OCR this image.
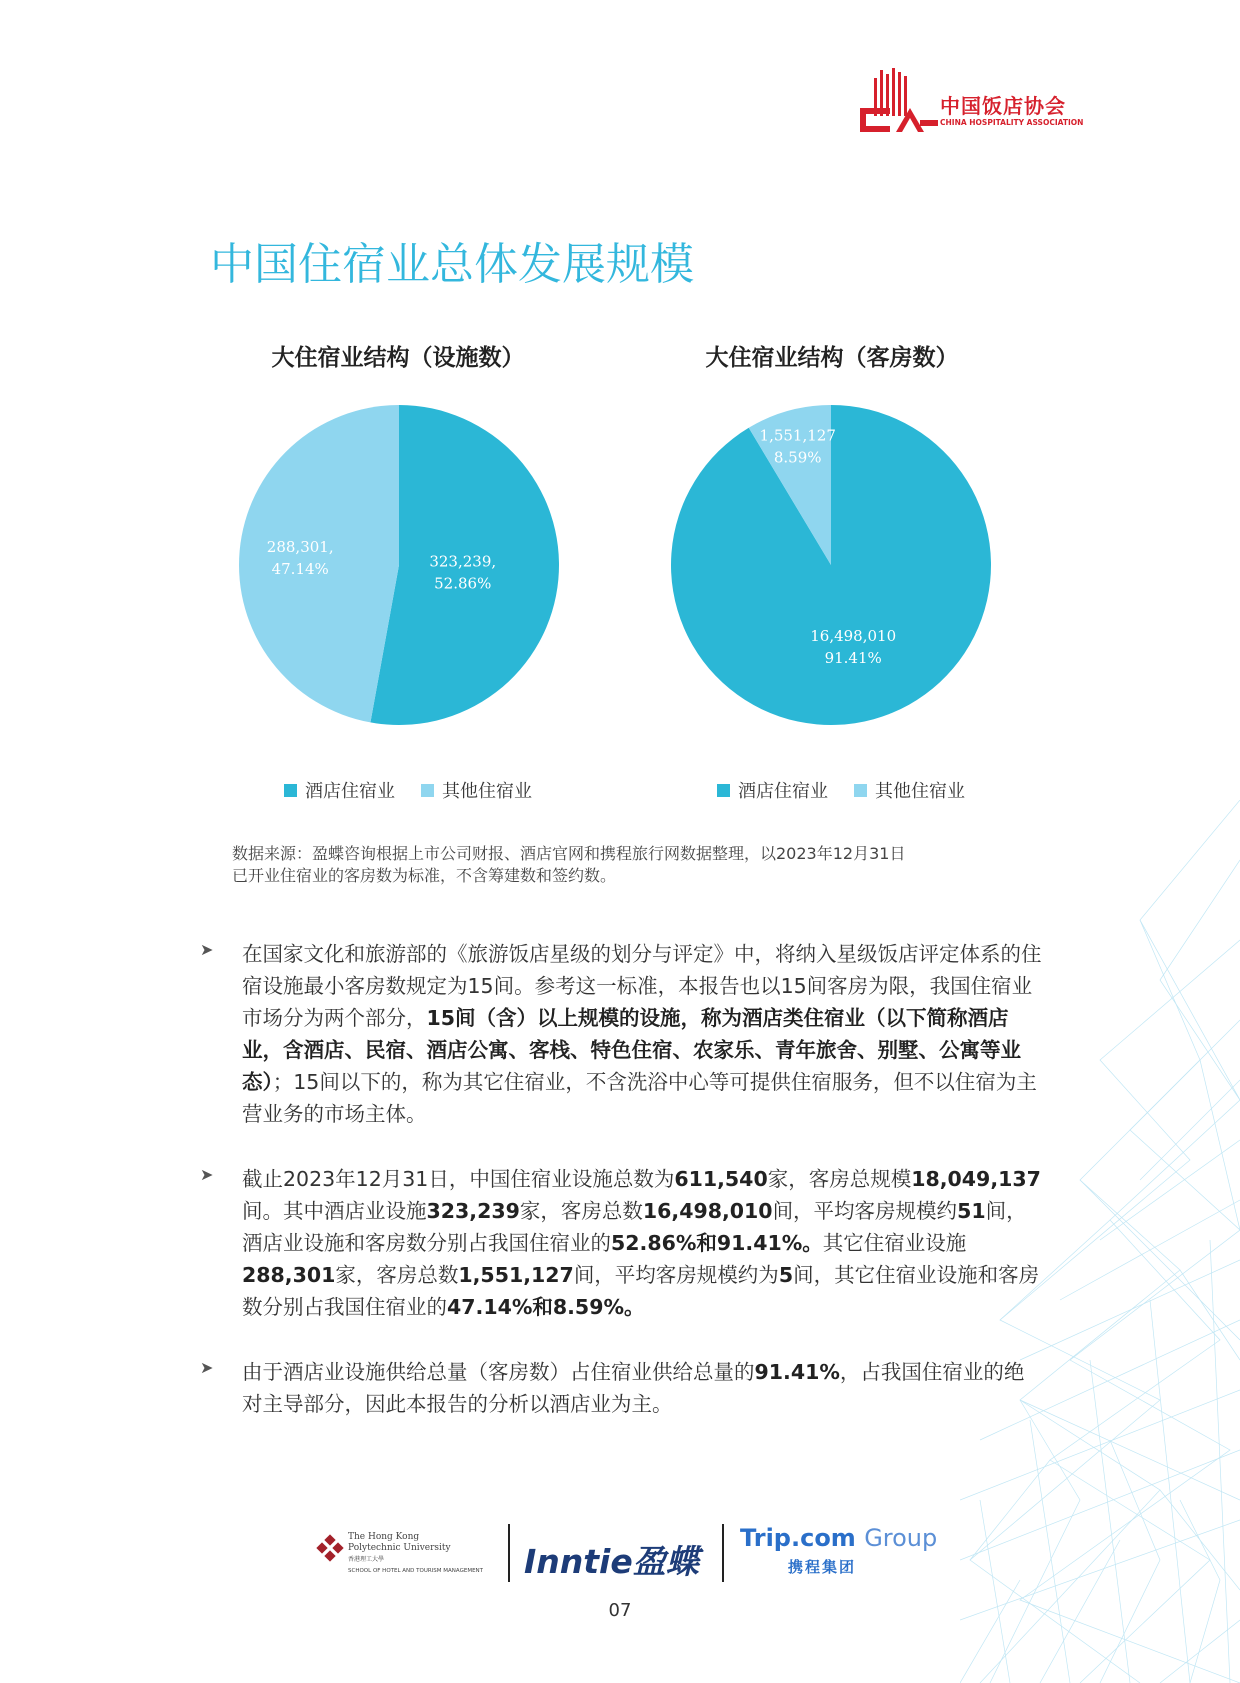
中国饭店协会
CHINA HOSPITALITY ASSOCIATION
中国住宿业总体发展规模
大住宿业结构（设施数）
323,239,
52.86%
288,301,
47.14%
酒店住宿业	其他住宿业
大住宿业结构（客房数）
16,498,010
91.41%
1,551,127
8.59%
酒店住宿业	其他住宿业
数据来源：盈蝶咨询根据上市公司财报、酒店官网和携程旅行网数据整理，以2023年12月31日
已开业住宿业的客房数为标准，不含筹建数和签约数。
➤ 在国家文化和旅游部的《旅游饭店星级的划分与评定》中，将纳入星级饭店评定体系的住宿设施最小客房数规定为15间。参考这一标准，本报告也以15间客房为限，我国住宿业市场分为两个部分，15间（含）以上规模的设施，称为酒店类住宿业（以下简称酒店业，含酒店、民宿、酒店公寓、客栈、特色住宿、农家乐、青年旅舍、别墅、公寓等业态）；15间以下的，称为其它住宿业，不含洗浴中心等可提供住宿服务，但不以住宿为主营业务的市场主体。
➤ 截止2023年12月31日，中国住宿业设施总数为611,540家，客房总规模18,049,137间。其中酒店业设施323,239家，客房总数16,498,010间，平均客房规模约51间，酒店业设施和客房数分别占我国住宿业的52.86%和91.41%。其它住宿业设施288,301家，客房总数1,551,127间，平均客房规模约为5间，其它住宿业设施和客房数分别占我国住宿业的47.14%和8.59%。
➤ 由于酒店业设施供给总量（客房数）占住宿业供给总量的91.41%，占我国住宿业的绝对主导部分，因此本报告的分析以酒店业为主。
The Hong Kong
Polytechnic University
香港理工大學
SCHOOL OF HOTEL AND TOURISM MANAGEMENT Inntie盈蝶
Trip.com Group
携程集团
07
